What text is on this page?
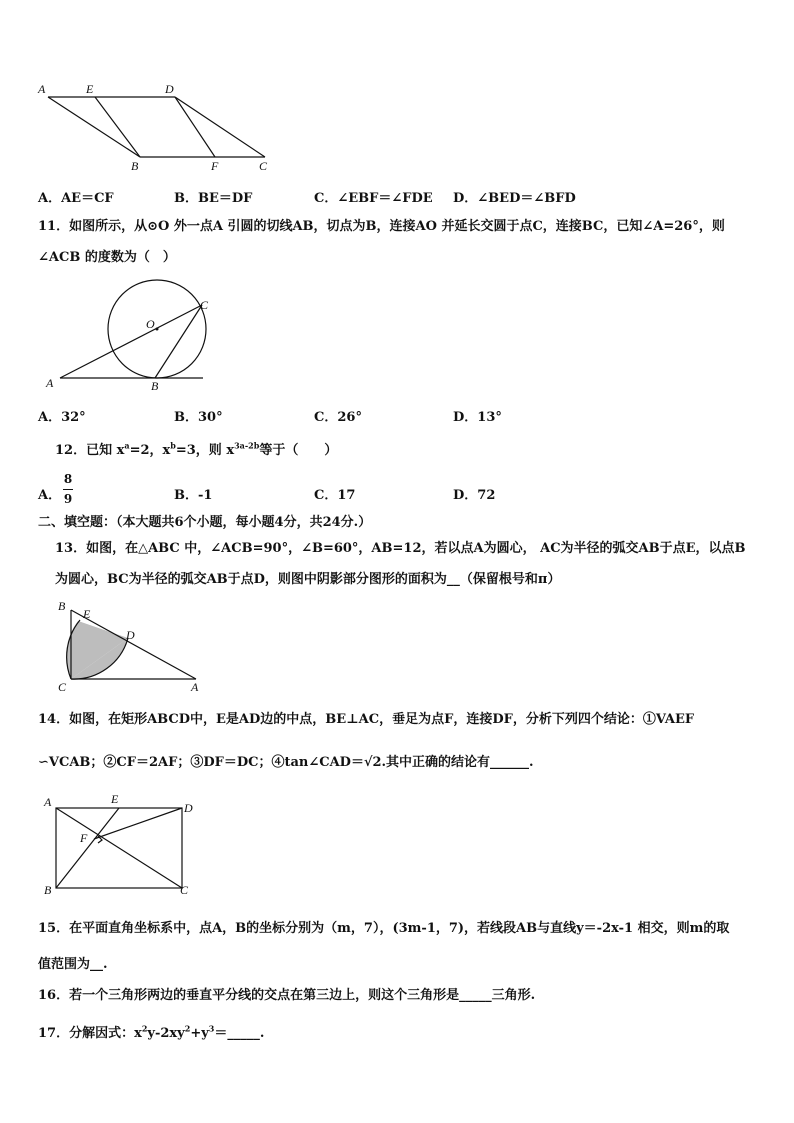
A	E	D
B	F	C
A．AE＝CF	B．BE＝DF	C．∠EBF＝∠FDE D．∠BED＝∠BFD
11．如图所示，从⊙O 外一点A 引圆的切线AB，切点为B，连接AO 并延长交圆于点C，连接BC，已知∠A=26°，则
∠ACB 的度数为（　）
O
C
A	B
A．32°	B．30°	C．26°	D．13°
12．已知 $x^a=2$，$x^b=3$，则 $x^{3a-2b}$等于（　　）
A．
8
9	B．-1	C．17	D．72
二、填空题：（本大题共6个小题，每小题4分，共24分.）
13．如图，在△ABC 中，∠ACB=90°，∠B=60°，AB=12，若以点A为圆心， AC为半径的弧交AB于点E，以点B
为圆心，BC为半径的弧交AB于点D，则图中阴影部分图形的面积为__（保留根号和π）
B
E
D
C	A
14．如图，在矩形ABCD中，E是AD边的中点，BE⊥AC，垂足为点F，连接DF，分析下列四个结论：①VAEF
∽VCAB；②CF＝2AF；③DF＝DC；④tan∠CAD＝√2.其中正确的结论有______.
A	E
D
F
B	C
15．在平面直角坐标系中，点A，B的坐标分别为（m，7），(3m-1，7)，若线段AB与直线y＝-2x-1 相交，则m的取
值范围为__.
16．若一个三角形两边的垂直平分线的交点在第三边上，则这个三角形是_____三角形.
17．分解因式：$x^2y-2xy^2+y^3=\_\_\_\_\_$.
